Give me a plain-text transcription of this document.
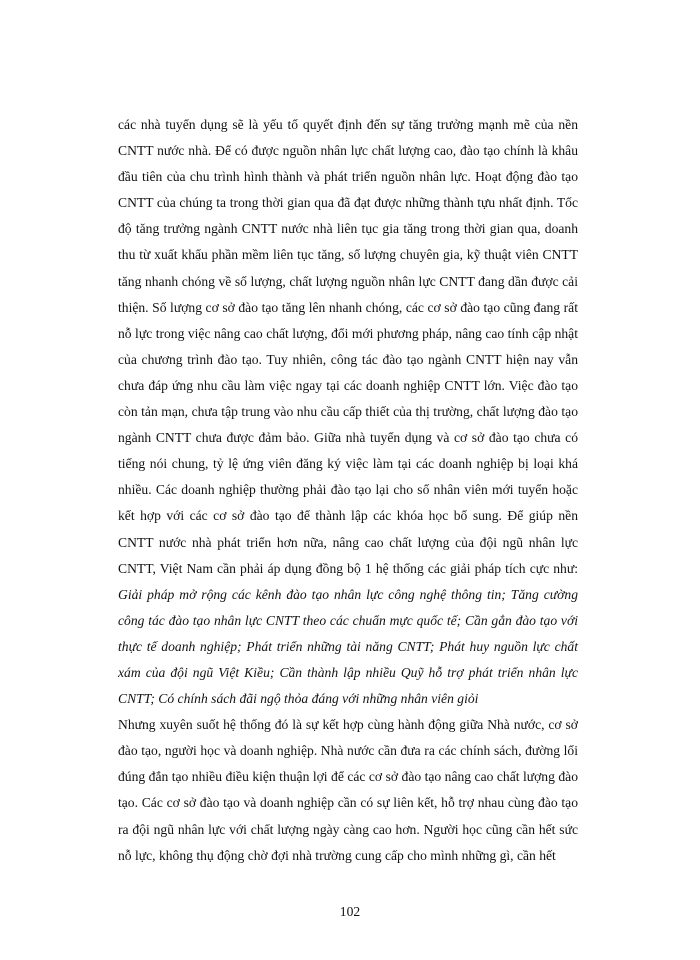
các nhà tuyển dụng sẽ là yếu tố quyết định đến sự tăng trưởng mạnh mẽ của nền CNTT nước nhà. Để có được nguồn nhân lực chất lượng cao, đào tạo chính là khâu đầu tiên của chu trình hình thành và phát triển nguồn nhân lực. Hoạt động đào tạo CNTT của chúng ta trong thời gian qua đã đạt được những thành tựu nhất định. Tốc độ tăng trưởng ngành CNTT nước nhà liên tục gia tăng trong thời gian qua, doanh thu từ xuất khẩu phần mềm liên tục tăng, số lượng chuyên gia, kỹ thuật viên CNTT tăng nhanh chóng về số lượng, chất lượng nguồn nhân lực CNTT đang dần được cải thiện. Số lượng cơ sở đào tạo tăng lên nhanh chóng, các cơ sở đào tạo cũng đang rất nỗ lực trong việc nâng cao chất lượng, đổi mới phương pháp, nâng cao tính cập nhật của chương trình đào tạo. Tuy nhiên, công tác đào tạo ngành CNTT hiện nay vẫn chưa đáp ứng nhu cầu làm việc ngay tại các doanh nghiệp CNTT lớn. Việc đào tạo còn tản mạn, chưa tập trung vào nhu cầu cấp thiết của thị trường, chất lượng đào tạo ngành CNTT chưa được đảm bảo. Giữa nhà tuyển dụng và cơ sở đào tạo chưa có tiếng nói chung, tỷ lệ ứng viên đăng ký việc làm tại các doanh nghiệp bị loại khá nhiều. Các doanh nghiệp thường phải đào tạo lại cho số nhân viên mới tuyển hoặc kết hợp với các cơ sở đào tạo để thành lập các khóa học bổ sung. Để giúp nền CNTT nước nhà phát triển hơn nữa, nâng cao chất lượng của đội ngũ nhân lực CNTT, Việt Nam cần phải áp dụng đồng bộ 1 hệ thống các giải pháp tích cực như: Giải pháp mở rộng các kênh đào tạo nhân lực công nghệ thông tin; Tăng cường công tác đào tạo nhân lực CNTT theo các chuẩn mực quốc tế; Cần gắn đào tạo với thực tế doanh nghiệp; Phát triển những tài năng CNTT; Phát huy nguồn lực chất xám của đội ngũ Việt Kiều; Cần thành lập nhiều Quỹ hỗ trợ phát triển nhân lực CNTT; Có chính sách đãi ngộ thỏa đáng với những nhân viên giỏi

Nhưng xuyên suốt hệ thống đó là sự kết hợp cùng hành động giữa Nhà nước, cơ sở đào tạo, người học và doanh nghiệp. Nhà nước cần đưa ra các chính sách, đường lối đúng đắn tạo nhiều điều kiện thuận lợi để các cơ sở đào tạo nâng cao chất lượng đào tạo. Các cơ sở đào tạo và doanh nghiệp cần có sự liên kết, hỗ trợ nhau cùng đào tạo ra đội ngũ nhân lực với chất lượng ngày càng cao hơn. Người học cũng cần hết sức nỗ lực, không thụ động chờ đợi nhà trường cung cấp cho mình những gì, cần hết

102
